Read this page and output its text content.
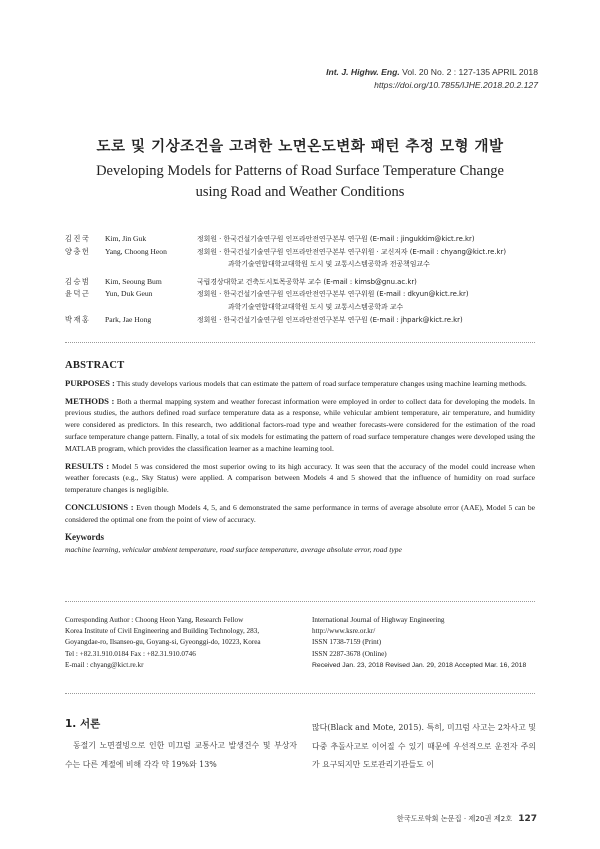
Int. J. Highw. Eng. Vol. 20 No. 2 : 127-135 APRIL 2018
https://doi.org/10.7855/IJHE.2018.20.2.127
도로 및 기상조건을 고려한 노면온도변화 패턴 추정 모형 개발
Developing Models for Patterns of Road Surface Temperature Change
using Road and Weather Conditions
김진국	Kim, Jin Guk	정회원 · 한국건설기술연구원 인프라안전연구본부 연구원 (E-mail : jingukkim@kict.re.kr)
양충헌	Yang, Choong Heon	정회원 · 한국건설기술연구원 인프라안전연구본부 연구위원 · 교신저자 (E-mail : chyang@kict.re.kr)
과학기술연합대학교대학원 도시 및 교통시스템공학과 전공책임교수
김승범	Kim, Seoung Bum	국립경상대학교 건축도시토목공학부 교수 (E-mail : kimsb@gnu.ac.kr)
윤덕근	Yun, Duk Geun	정회원 · 한국건설기술연구원 인프라안전연구본부 연구위원 (E-mail : dkyun@kict.re.kr)
과학기술연합대학교대학원 도시 및 교통시스템공학과 교수
박재홍	Park, Jae Hong	정회원 · 한국건설기술연구원 인프라안전연구본부 연구원 (E-mail : jhpark@kict.re.kr)
ABSTRACT

PURPOSES : This study develops various models that can estimate the pattern of road surface temperature changes using machine learning methods.

METHODS : Both a thermal mapping system and weather forecast information were employed in order to collect data for developing the models. In previous studies, the authors defined road surface temperature data as a response, while vehicular ambient temperature, air temperature, and humidity were considered as predictors. In this research, two additional factors-road type and weather forecasts-were considered for the estimation of the road surface temperature change pattern. Finally, a total of six models for estimating the pattern of road surface temperature changes were developed using the MATLAB program, which provides the classification learner as a machine learning tool.

RESULTS : Model 5 was considered the most superior owing to its high accuracy. It was seen that the accuracy of the model could increase when weather forecasts (e.g., Sky Status) were applied. A comparison between Models 4 and 5 showed that the influence of humidity on road surface temperature changes is negligible.

CONCLUSIONS : Even though Models 4, 5, and 6 demonstrated the same performance in terms of average absolute error (AAE), Model 5 can be considered the optimal one from the point of view of accuracy.

Keywords
machine learning, vehicular ambient temperature, road surface temperature, average absolute error, road type
Corresponding Author : Choong Heon Yang, Research Fellow
Korea Institute of Civil Engineering and Building Technology, 283,
Goyangdae-ro, Ilsanseo-gu, Goyang-si, Gyeonggi-do, 10223, Korea
Tel : +82.31.910.0184 Fax : +82.31.910.0746
E-mail : chyang@kict.re.kr
International Journal of Highway Engineering
http://www.ksre.or.kr/
ISSN 1738-7159 (Print)
ISSN 2287-3678 (Online)
Received Jan. 23, 2018 Revised Jan. 29, 2018 Accepted Mar. 16, 2018
1. 서론
동절기 노면결빙으로 인한 미끄럼 교통사고 발생건수 및 부상자 수는 다른 계절에 비해 각각 약 19%와 13%
많다(Black and Mote, 2015). 특히, 미끄럼 사고는 2차사고 및 다중 추돌사고로 이어질 수 있기 때문에 우선적으로 운전자 주의가 요구되지만 도로관리기관들도 이
한국도로학회 논문집 · 제20권 제2호 127
